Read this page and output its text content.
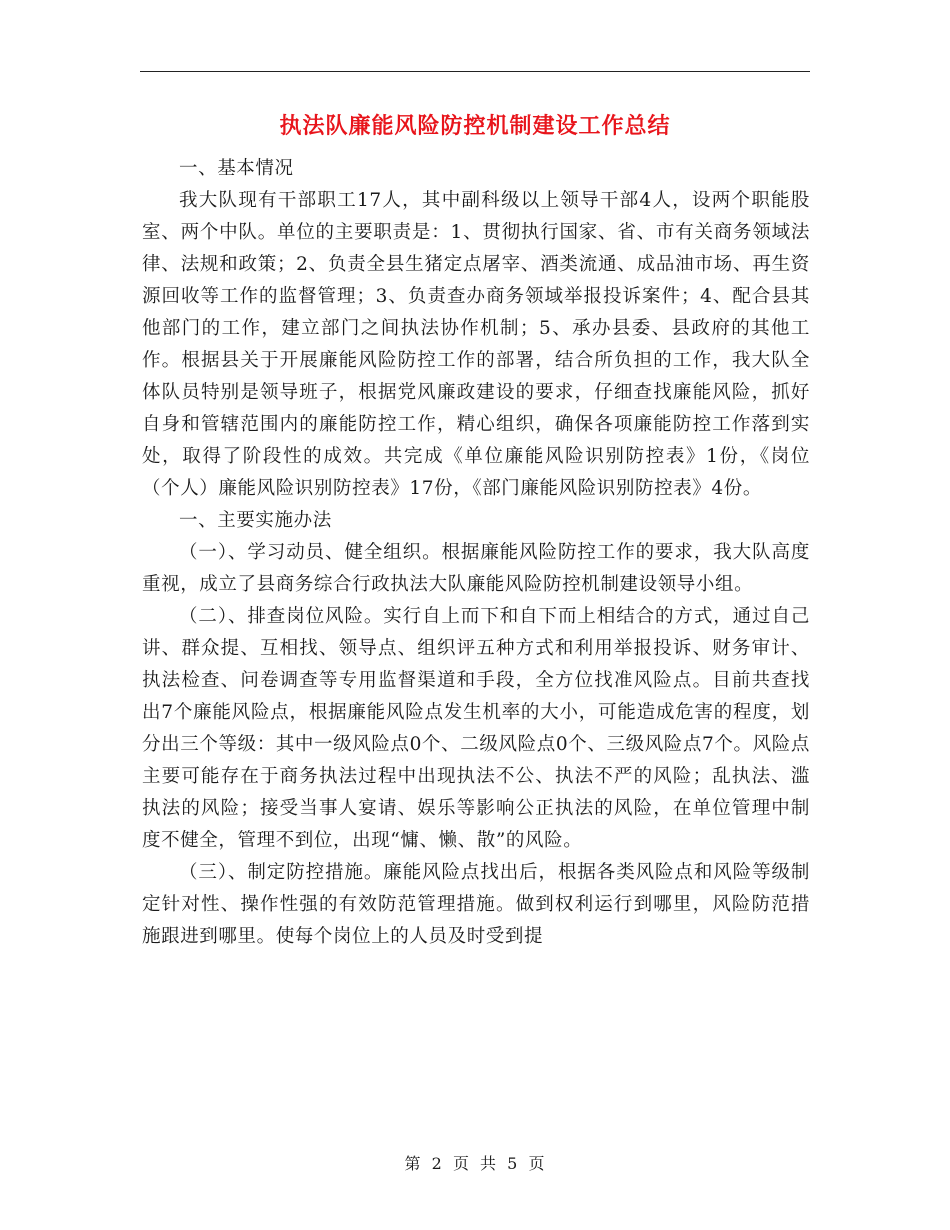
执法队廉能风险防控机制建设工作总结

一、基本情况

我大队现有干部职工17人，其中副科级以上领导干部4人，设两个职能股室、两个中队。单位的主要职责是：1、贯彻执行国家、省、市有关商务领域法律、法规和政策；2、负责全县生猪定点屠宰、酒类流通、成品油市场、再生资源回收等工作的监督管理；3、负责查办商务领域举报投诉案件；4、配合县其他部门的工作，建立部门之间执法协作机制；5、承办县委、县政府的其他工作。根据县关于开展廉能风险防控工作的部署，结合所负担的工作，我大队全体队员特别是领导班子，根据党风廉政建设的要求，仔细查找廉能风险，抓好自身和管辖范围内的廉能防控工作，精心组织，确保各项廉能防控工作落到实处，取得了阶段性的成效。共完成《单位廉能风险识别防控表》1份，《岗位（个人）廉能风险识别防控表》17份，《部门廉能风险识别防控表》4份。

一、主要实施办法

（一）、学习动员、健全组织。根据廉能风险防控工作的要求，我大队高度重视，成立了县商务综合行政执法大队廉能风险防控机制建设领导小组。

（二）、排查岗位风险。实行自上而下和自下而上相结合的方式，通过自己讲、群众提、互相找、领导点、组织评五种方式和利用举报投诉、财务审计、执法检查、问卷调查等专用监督渠道和手段，全方位找准风险点。目前共查找出7个廉能风险点，根据廉能风险点发生机率的大小，可能造成危害的程度，划分出三个等级：其中一级风险点0个、二级风险点0个、三级风险点7个。风险点主要可能存在于商务执法过程中出现执法不公、执法不严的风险；乱执法、滥执法的风险；接受当事人宴请、娱乐等影响公正执法的风险，在单位管理中制度不健全，管理不到位，出现“慵、懒、散”的风险。

（三）、制定防控措施。廉能风险点找出后，根据各类风险点和风险等级制定针对性、操作性强的有效防范管理措施。做到权利运行到哪里，风险防范措施跟进到哪里。使每个岗位上的人员及时受到提

第 2 页 共 5 页
